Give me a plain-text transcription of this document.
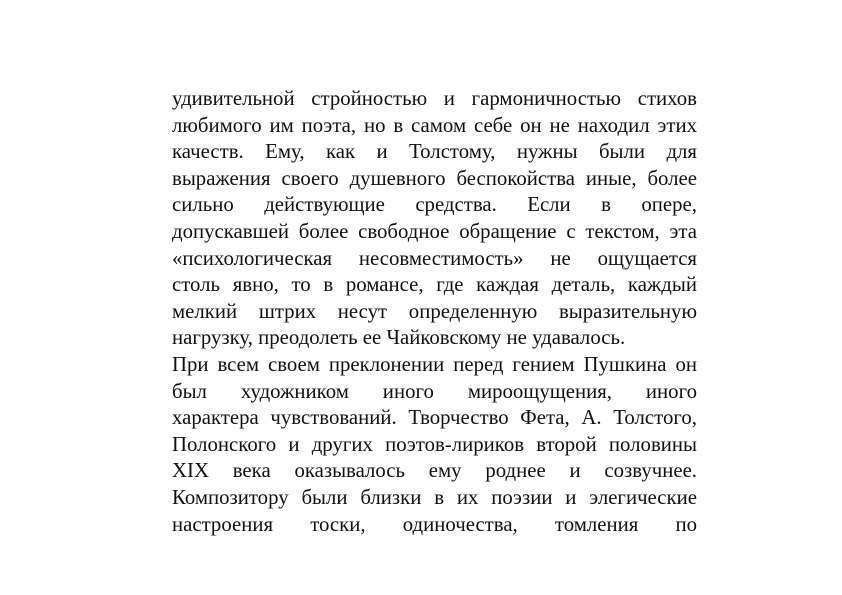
удивительной стройностью и гармоничностью стихов
любимого им поэта, но в самом себе он не находил этих
качеств. Ему, как и Толстому, нужны были для
выражения своего душевного беспокойства иные, более
сильно действующие средства. Если в опере,
допускавшей более свободное обращение с текстом, эта
«психологическая несовместимость» не ощущается
столь явно, то в романсе, где каждая деталь, каждый
мелкий штрих несут определенную выразительную
нагрузку, преодолеть ее Чайковскому не удавалось.
При всем своем преклонении перед гением Пушкина он
был художником иного мироощущения, иного
характера чувствований. Творчество Фета, А. Толстого,
Полонского и других поэтов-лириков второй половины
XIX века оказывалось ему роднее и созвучнее.
Композитору были близки в их поэзии и элегические
настроения тоски, одиночества, томления по
